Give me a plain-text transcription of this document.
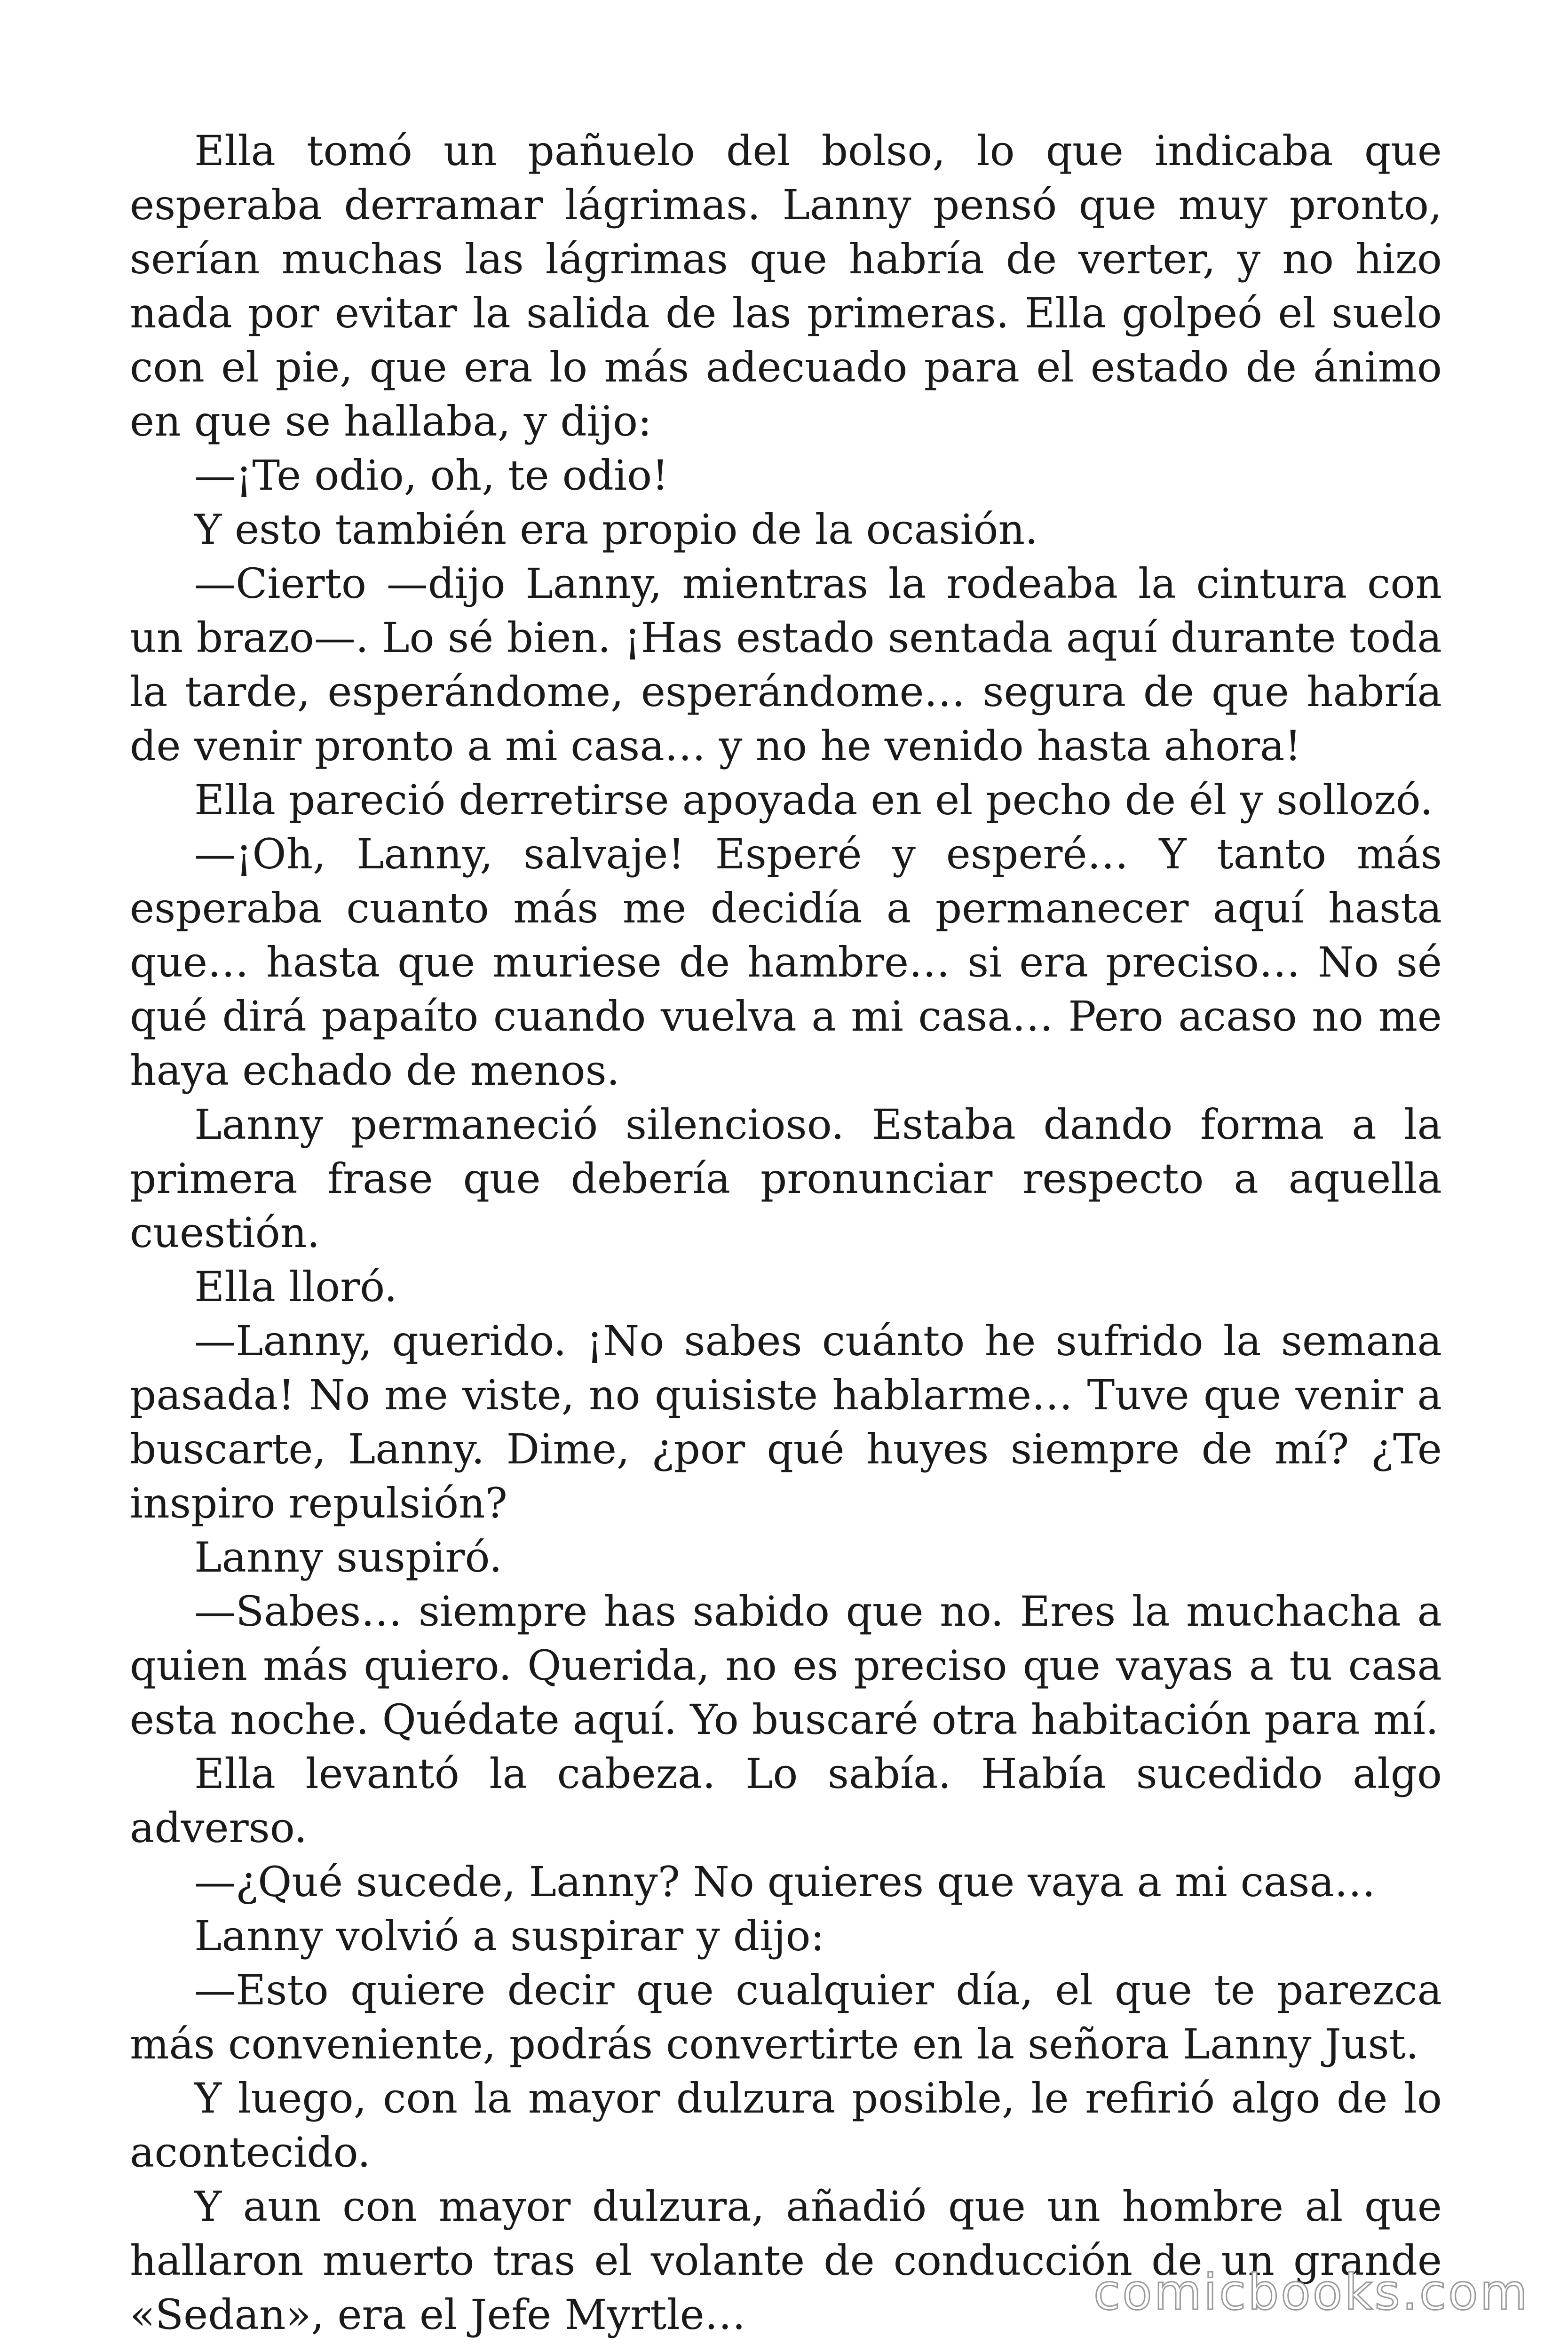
Ella tomó un pañuelo del bolso, lo que indicaba que esperaba derramar lágrimas. Lanny pensó que muy pronto, serían muchas las lágrimas que habría de verter, y no hizo nada por evitar la salida de las primeras. Ella golpeó el suelo con el pie, que era lo más adecuado para el estado de ánimo en que se hallaba, y dijo:

—¡Te odio, oh, te odio!

Y esto también era propio de la ocasión.

—Cierto —dijo Lanny, mientras la rodeaba la cintura con un brazo—. Lo sé bien. ¡Has estado sentada aquí durante toda la tarde, esperándome, esperándome… segura de que habría de venir pronto a mi casa… y no he venido hasta ahora!

Ella pareció derretirse apoyada en el pecho de él y sollozó.

—¡Oh, Lanny, salvaje! Esperé y esperé… Y tanto más esperaba cuanto más me decidía a permanecer aquí hasta que… hasta que muriese de hambre… si era preciso… No sé qué dirá papaíto cuando vuelva a mi casa… Pero acaso no me haya echado de menos.

Lanny permaneció silencioso. Estaba dando forma a la primera frase que debería pronunciar respecto a aquella cuestión.

Ella lloró.

—Lanny, querido. ¡No sabes cuánto he sufrido la semana pasada! No me viste, no quisiste hablarme… Tuve que venir a buscarte, Lanny. Dime, ¿por qué huyes siempre de mí? ¿Te inspiro repulsión?

Lanny suspiró.

—Sabes… siempre has sabido que no. Eres la muchacha a quien más quiero. Querida, no es preciso que vayas a tu casa esta noche. Quédate aquí. Yo buscaré otra habitación para mí.

Ella levantó la cabeza. Lo sabía. Había sucedido algo adverso.

—¿Qué sucede, Lanny? No quieres que vaya a mi casa…

Lanny volvió a suspirar y dijo:

—Esto quiere decir que cualquier día, el que te parezca más conveniente, podrás convertirte en la señora Lanny Just.

Y luego, con la mayor dulzura posible, le refirió algo de lo acontecido.

Y aun con mayor dulzura, añadió que un hombre al que hallaron muerto tras el volante de conducción de un grande «Sedan», era el Jefe Myrtle…	comicbooks.com
